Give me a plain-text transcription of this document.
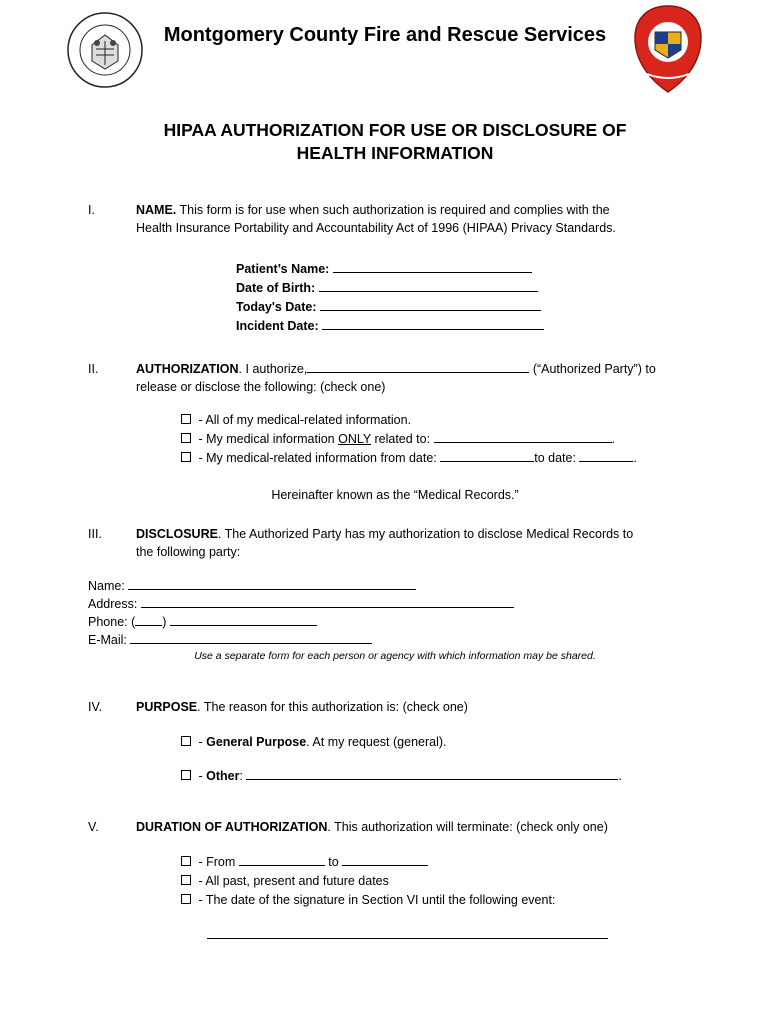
Montgomery County Fire and Rescue Services
HIPAA AUTHORIZATION FOR USE OR DISCLOSURE OF
HEALTH INFORMATION
I.	NAME. This form is for use when such authorization is required and complies with the
Health Insurance Portability and Accountability Act of 1996 (HIPAA) Privacy Standards.
Patient’s Name:
Date of Birth:
Today's Date:
Incident Date:
II.	AUTHORIZATION. I authorize,	(“Authorized Party”) to
release or disclose the following: (check one)
- All of my medical-related information.
- My medical information ONLY related to:	.
- My medical-related information from date:	to date:	.
Hereinafter known as the “Medical Records.”
III.	DISCLOSURE. The Authorized Party has my authorization to disclose Medical Records to
the following party:
Name:
Address:
Phone: ( )
E-Mail:
Use a separate form for each person or agency with which information may be shared.
IV.	PURPOSE. The reason for this authorization is: (check one)
- General Purpose. At my request (general).
- Other:	.
V.	DURATION OF AUTHORIZATION. This authorization will terminate: (check only one)
- From	to
- All past, present and future dates
- The date of the signature in Section VI until the following event:
